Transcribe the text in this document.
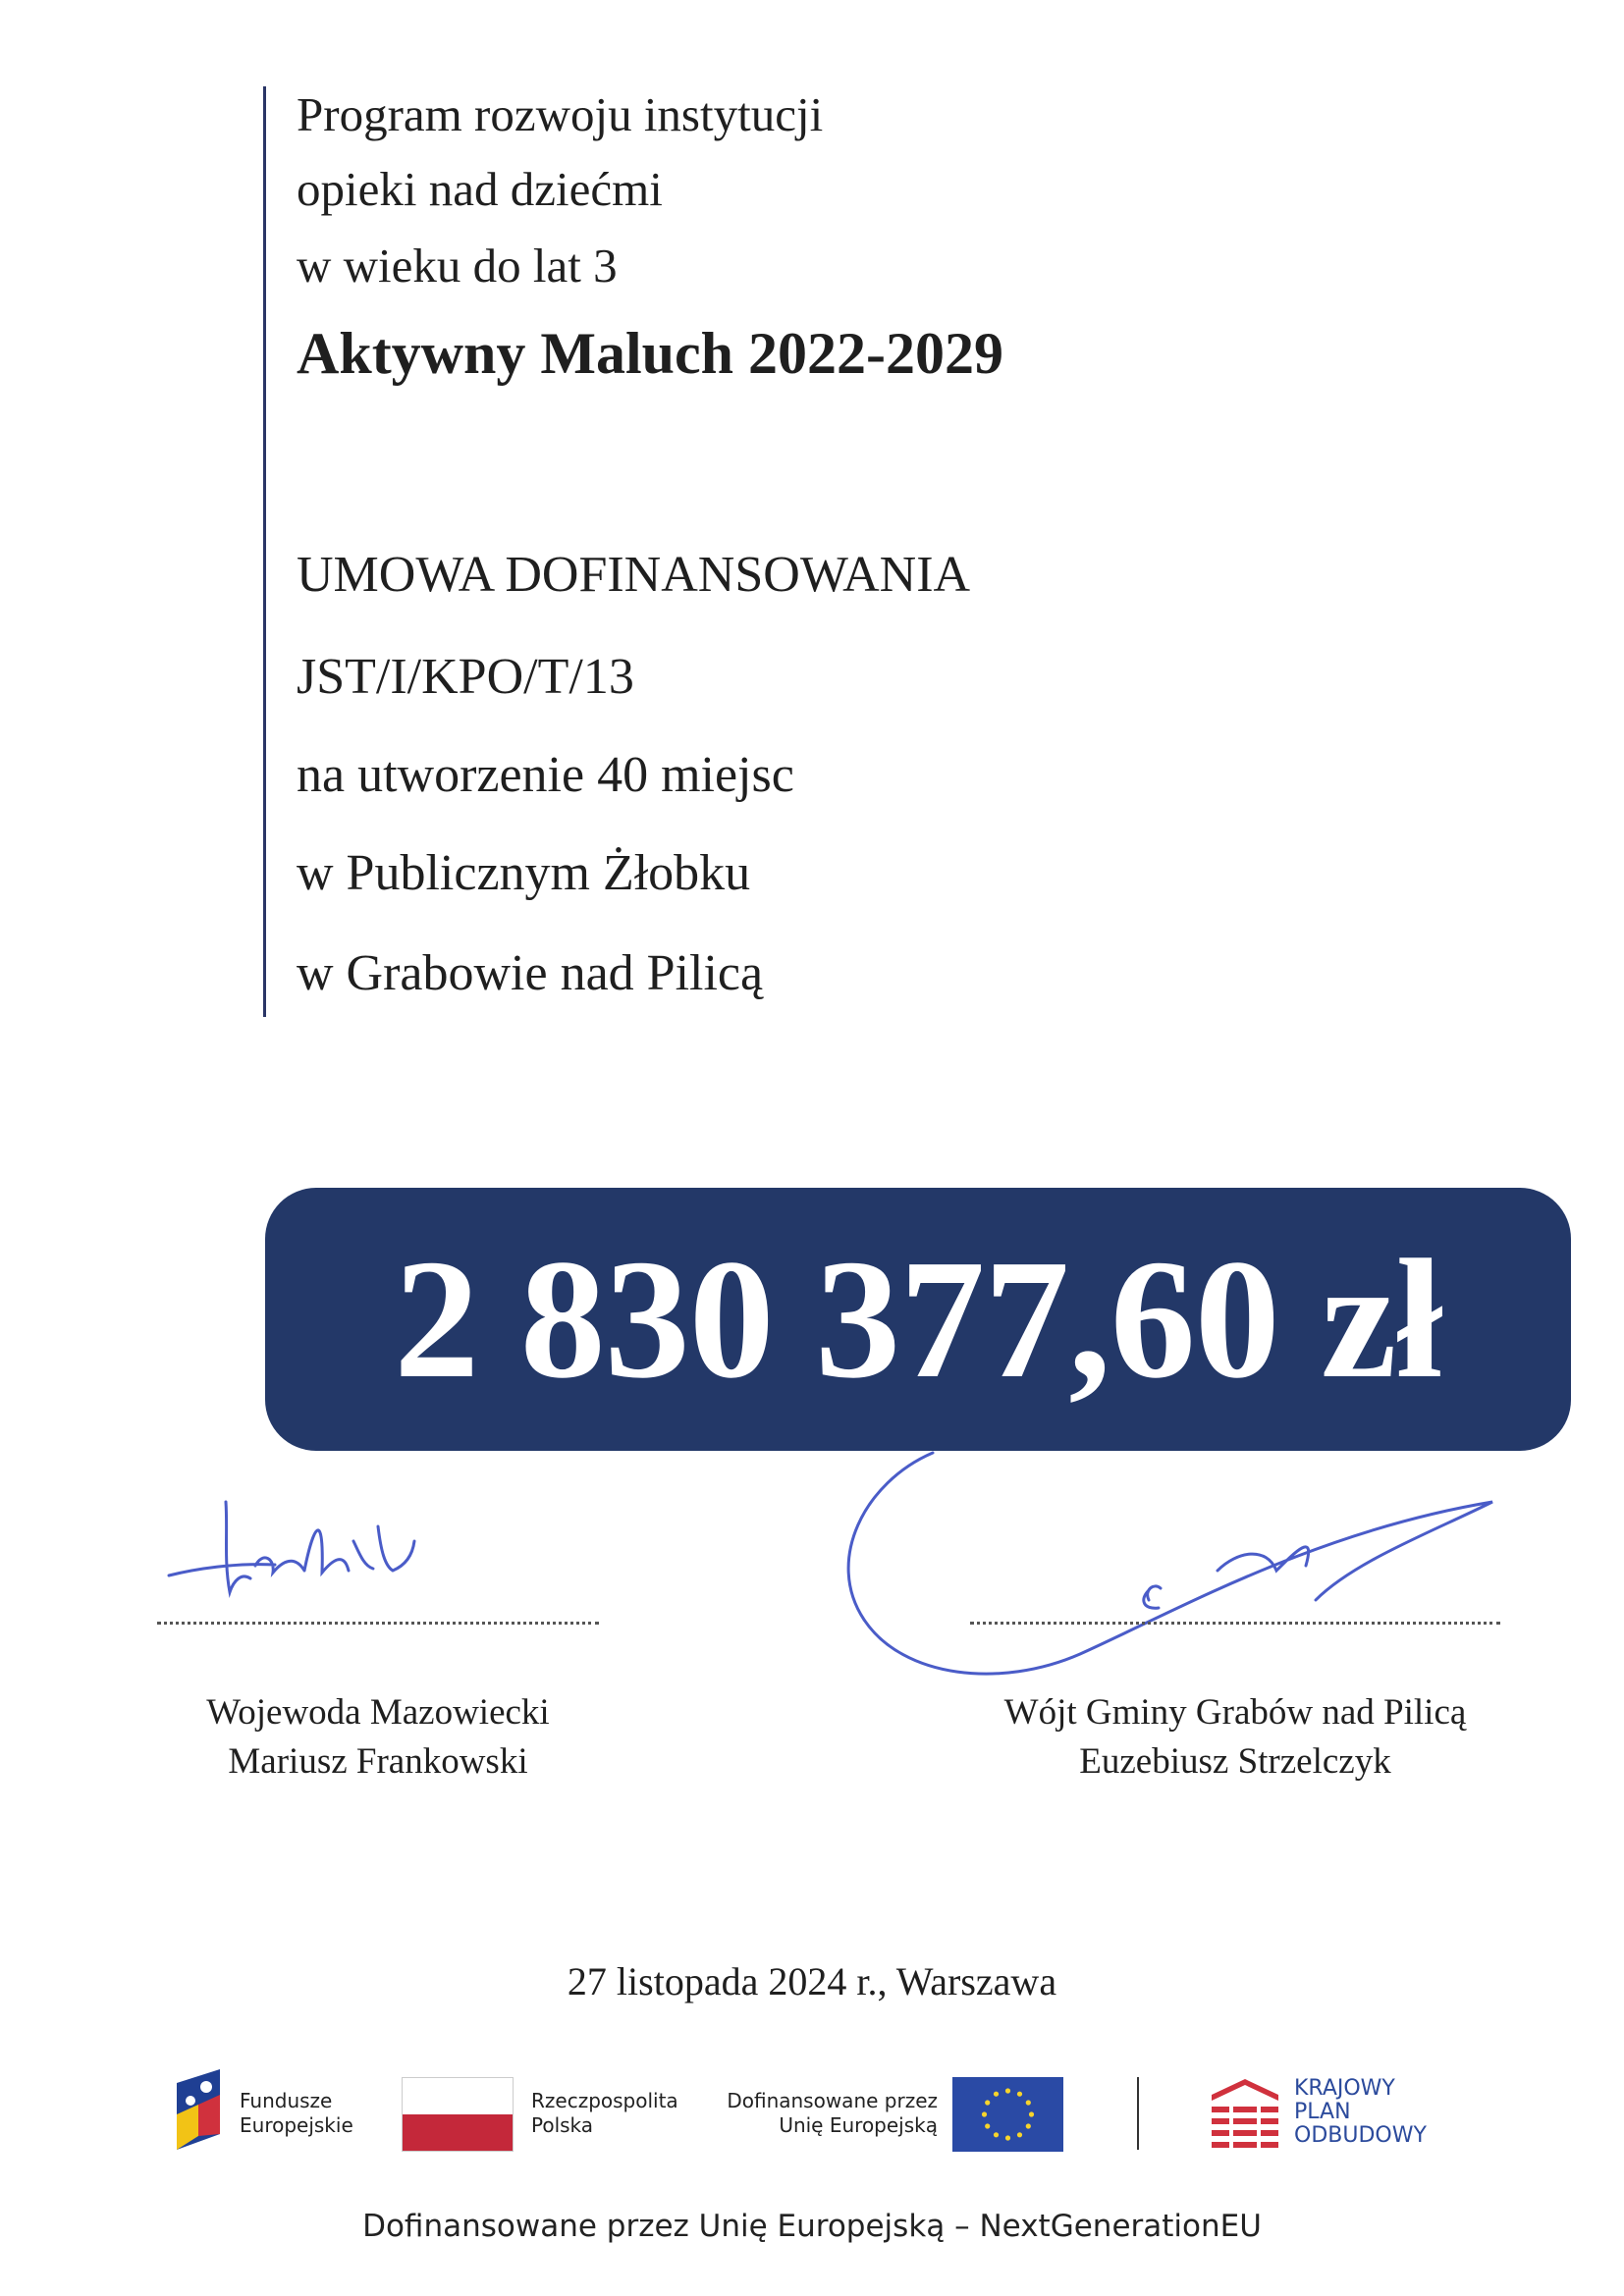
Program rozwoju instytucji
opieki nad dziećmi
w wieku do lat 3
Aktywny Maluch 2022-2029
UMOWA DOFINANSOWANIA
JST/I/KPO/T/13
na utworzenie 40 miejsc
w Publicznym Żłobku
w Grabowie nad Pilicą
2 830 377,60 zł
Wojewoda Mazowiecki
Mariusz Frankowski
Wójt Gminy Grabów nad Pilicą
Euzebiusz Strzelczyk
27 listopada 2024 r., Warszawa
Fundusze
Europejskie
Rzeczpospolita
Polska
Dofinansowane przez
Unię Europejską
KRAJOWY
PLAN
ODBUDOWY
Dofinansowane przez Unię Europejską – NextGenerationEU
